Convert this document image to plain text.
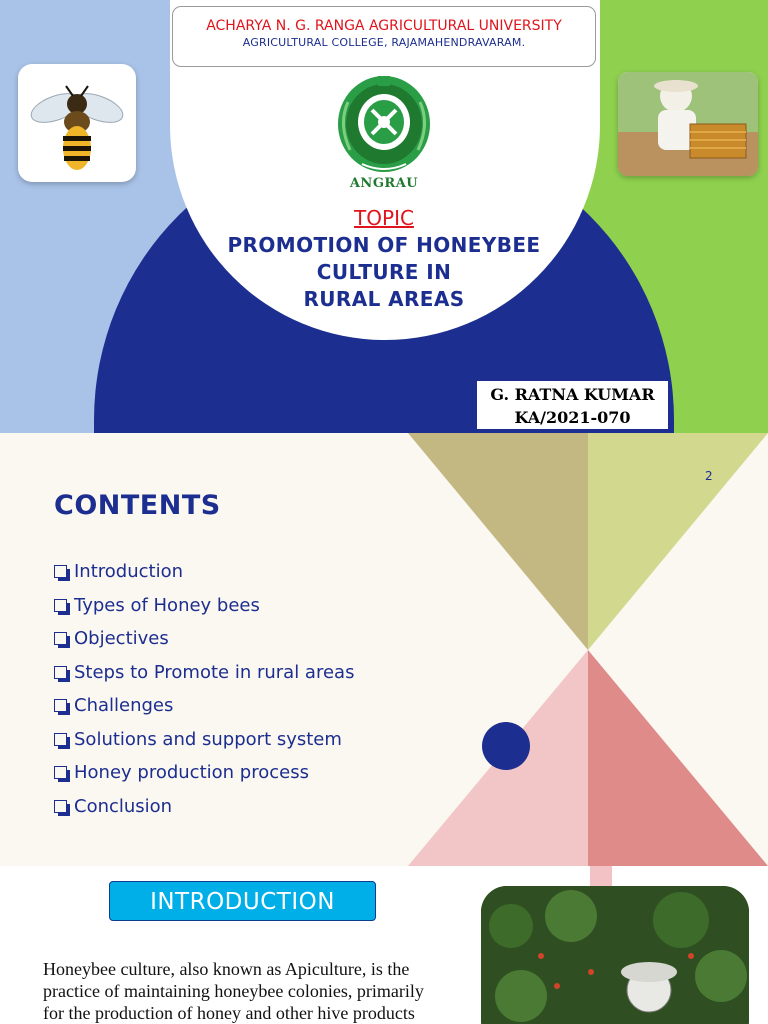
ACHARYA N. G. RANGA AGRICULTURAL UNIVERSITY
AGRICULTURAL COLLEGE, RAJAMAHENDRAVARAM.
ANGRAU
TOPIC
PROMOTION OF HONEYBEE
CULTURE IN
RURAL AREAS
G. RATNA KUMAR
KA/2021-070
2
CONTENTS
Introduction
Types of Honey bees
Objectives
Steps to Promote in rural areas
Challenges
Solutions and support system
Honey production process
Conclusion
INTRODUCTION
Honeybee culture, also known as Apiculture, is the
practice of maintaining honeybee colonies, primarily
for the production of honey and other hive products
